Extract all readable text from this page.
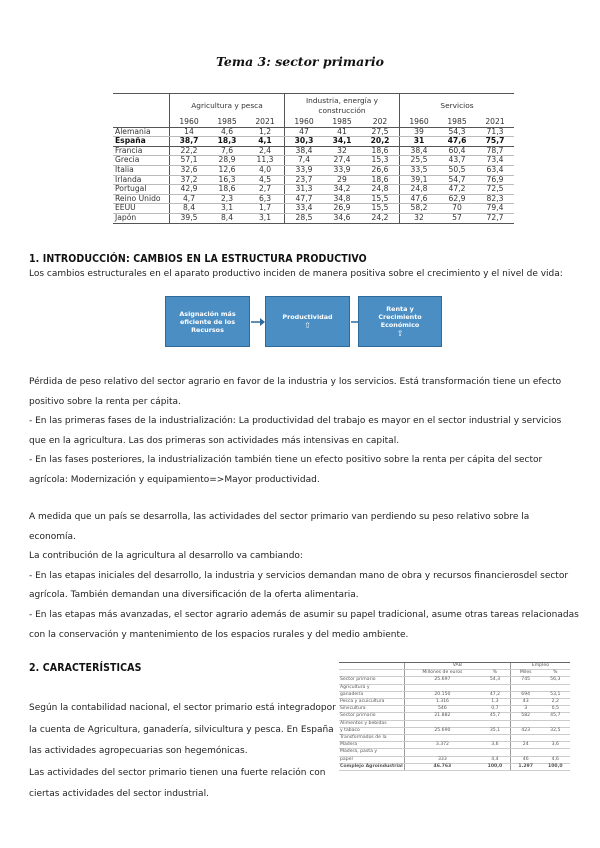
Tema 3: sector primario
	Agricultura y pesca			Industria, energía y construcción			Servicios		
	1960	1985	2021	1960	1985	202	1960	1985	2021
Alemania	14	4,6	1,2	47	41	27,5	39	54,3	71,3
España	38,7	18,3	4,1	30,3	34,1	20,2	31	47,6	75,7
Francia	22,2	7,6	2,4	38,4	32	18,6	38,4	60,4	78,7
Grecia	57,1	28,9	11,3	7,4	27,4	15,3	25,5	43,7	73,4
Italia	32,6	12,6	4,0	33,9	33,9	26,6	33,5	50,5	63,4
Irlanda	37,2	16,3	4,5	23,7	29	18,6	39,1	54,7	76,9
Portugal	42,9	18,6	2,7	31,3	34,2	24,8	24,8	47,2	72,5
Reino Unido	4,7	2,3	6,3	47,7	34,8	15,5	47,6	62,9	82,3
EEUU	8,4	3,1	1,7	33,4	26,9	15,5	58,2	70	79,4
Japón	39,5	8,4	3,1	28,5	34,6	24,2	32	57	72,7
1. INTRODUCCIÓN: CAMBIOS EN LA ESTRUCTURA PRODUCTIVO
Los cambios estructurales en el aparato productivo inciden de manera positiva sobre el crecimiento y el nivel de vida:
Asignación más eficiente de los Recursos
Productividad
⇧
Renta y Crecimiento Económico
⇧
Pérdida de peso relativo del sector agrario en favor de la industria y los servicios. Está transformación tiene un efecto
positivo sobre la renta per cápita.
- En las primeras fases de la industrialización: La productividad del trabajo es mayor en el sector industrial y servicios
que en la agricultura. Las dos primeras son actividades más intensivas en capital.
- En las fases posteriores, la industrialización también tiene un efecto positivo sobre la renta per cápita del sector
agrícola: Modernización y equipamiento=>Mayor productividad.
A medida que un país se desarrolla, las actividades del sector primario van perdiendo su peso relativo sobre la
economía.
La contribución de la agricultura al desarrollo va cambiando:
- En las etapas iniciales del desarrollo, la industria y servicios demandan mano de obra y recursos financierosdel sector
agrícola. También demandan una diversificación de la oferta alimentaria.
- En las etapas más avanzadas, el sector agrario además de asumir su papel tradicional, asume otras tareas relacionadas
con la conservación y mantenimiento de los espacios rurales y del medio ambiente.
2. CARACTERÍSTICAS
Según la contabilidad nacional, el sector primario está integradopor
la cuenta de Agricultura, ganadería, silvicultura y pesca. En España
las actividades agropecuarias son hegemónicas.
Las actividades del sector primario tienen una fuerte relación con
ciertas actividades del sector industrial.
	VAB		Empleo	
	Millones de euros	%	Miles	%
Sector primario	25.697	54,3	745	56,3
Agricultura y				
ganadería	20.150	47,2	694	53,1
Pesca y acuicultura	1.316	1,3	43	2,2
Silvicultura	546	0,7	3	0,5
Sector primario	21.882	45,7	582	45,7
Alimentos y bebidas				
y tabaco	25.690	35,1	423	32,5
Transformados de la				
Madera	3.372	3,6	24	3,6
Madera, pasta y				
papel	333	4,4	46	4,6
Complejo Agroindustrial	46.763	100,0	1.297	100,0
